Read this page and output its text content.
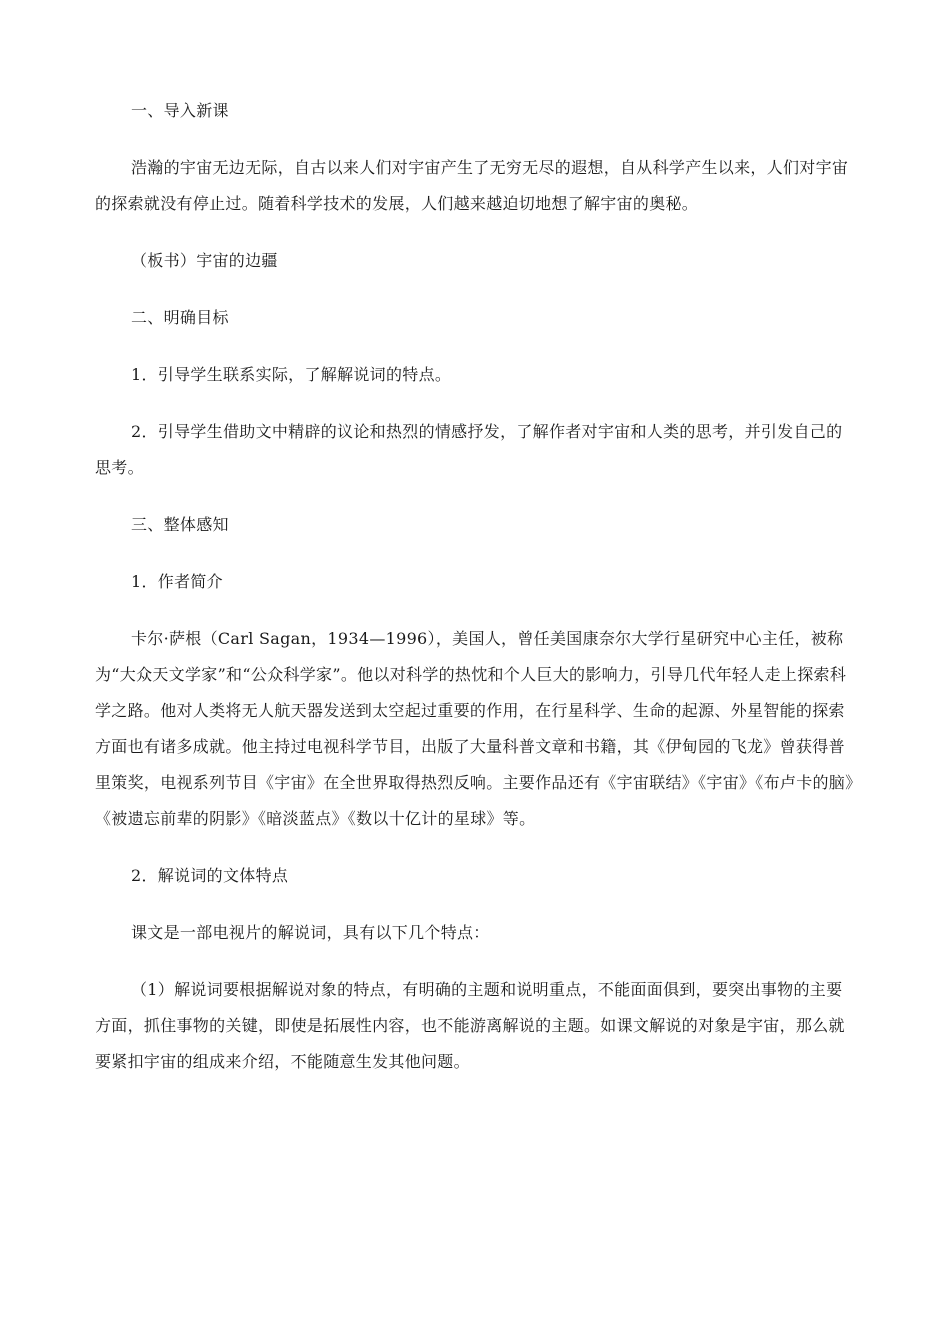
一、导入新课

浩瀚的宇宙无边无际，自古以来人们对宇宙产生了无穷无尽的遐想，自从科学产生以来，人们对宇宙的探索就没有停止过。随着科学技术的发展，人们越来越迫切地想了解宇宙的奥秘。

（板书）宇宙的边疆

二、明确目标

1．引导学生联系实际，了解解说词的特点。

2．引导学生借助文中精辟的议论和热烈的情感抒发，了解作者对宇宙和人类的思考，并引发自己的思考。

三、整体感知

1．作者简介

卡尔·萨根（Carl Sagan，1934—1996），美国人，曾任美国康奈尔大学行星研究中心主任，被称为“大众天文学家”和“公众科学家”。他以对科学的热忱和个人巨大的影响力，引导几代年轻人走上探索科学之路。他对人类将无人航天器发送到太空起过重要的作用，在行星科学、生命的起源、外星智能的探索方面也有诸多成就。他主持过电视科学节目，出版了大量科普文章和书籍，其《伊甸园的飞龙》曾获得普里策奖，电视系列节目《宇宙》在全世界取得热烈反响。主要作品还有《宇宙联结》《宇宙》《布卢卡的脑》《被遗忘前辈的阴影》《暗淡蓝点》《数以十亿计的星球》等。

2．解说词的文体特点

课文是一部电视片的解说词，具有以下几个特点：

（1）解说词要根据解说对象的特点，有明确的主题和说明重点，不能面面俱到，要突出事物的主要方面，抓住事物的关键，即使是拓展性内容，也不能游离解说的主题。如课文解说的对象是宇宙，那么就要紧扣宇宙的组成来介绍，不能随意生发其他问题。
